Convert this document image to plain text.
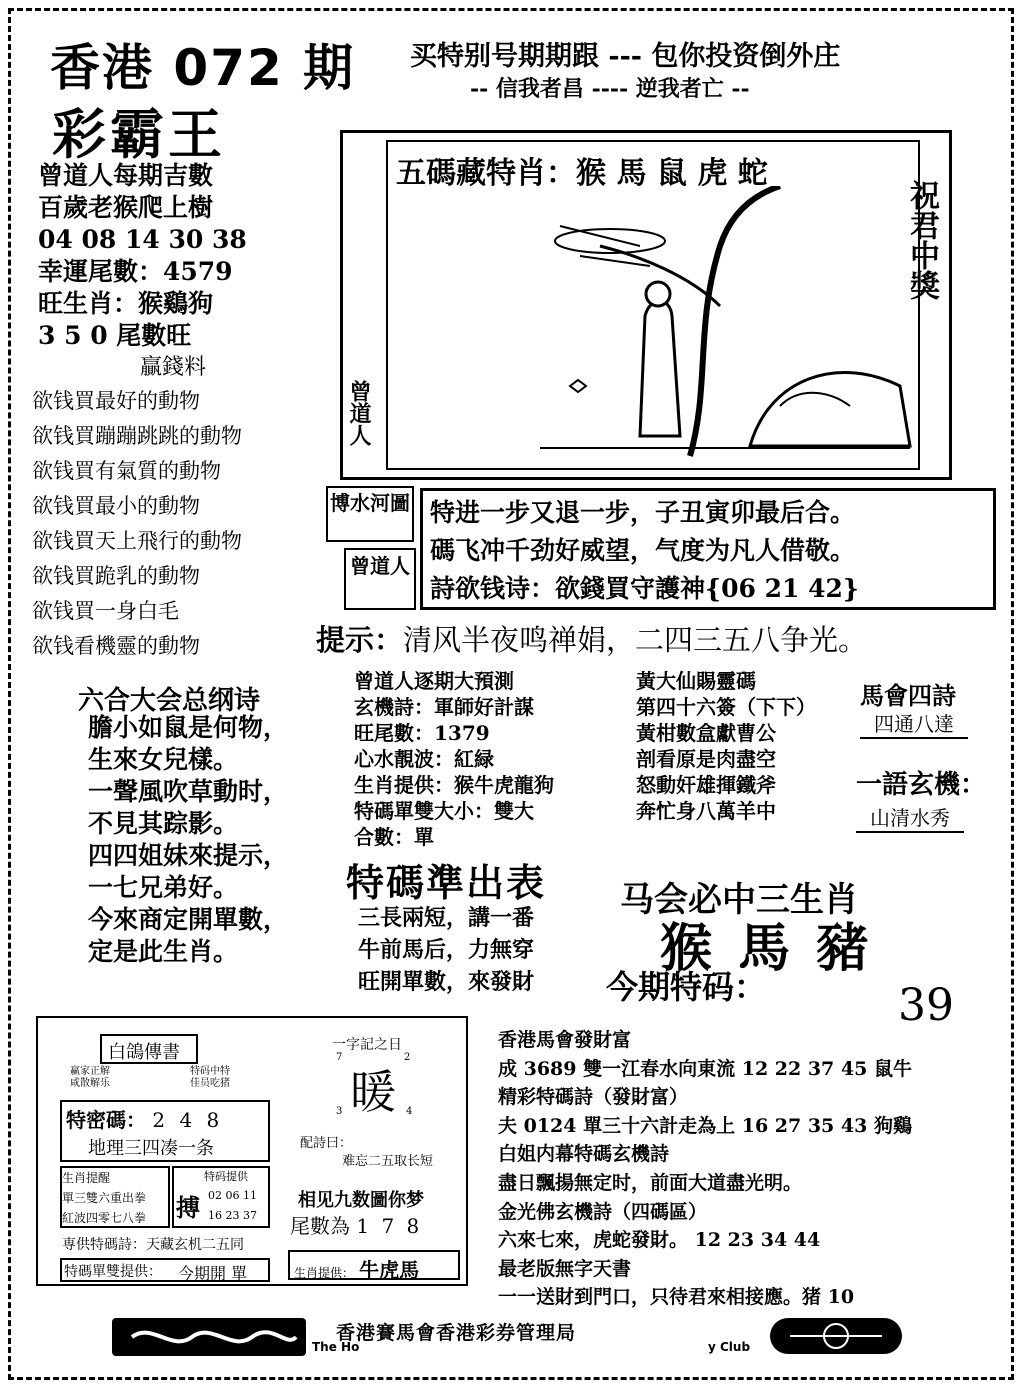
香港 072 期
彩霸王
买特别号期期跟 --- 包你投资倒外庄
-- 信我者昌 ---- 逆我者亡 --
曾道人每期吉數
百歲老猴爬上樹
04 08 14 30 38
幸運尾數：4579
旺生肖：猴鷄狗
3 5 0 尾數旺
贏錢料
欲钱買最好的動物
欲钱買蹦蹦跳跳的動物
欲钱買有氣質的動物
欲钱買最小的動物
欲钱買天上飛行的動物
欲钱買跪乳的動物
欲钱買一身白毛
欲钱看機靈的動物
五碼藏特肖：猴 馬 鼠 虎 蛇
祝君中獎
曾道人
博水河圖
曾道人
特进一步又退一步，子丑寅卯最后合。
碼飞冲千劲好威望，气度为凡人借敬。
詩欲钱诗：欲錢買守護神{06 21 42}
提示：清风半夜鸣禅娟，二四三五八争光。
六合大会总纲诗
膽小如鼠是何物，
生來女兒樣。
一聲風吹草動时，
不見其踪影。
四四姐妹來提示，
一七兄弟好。
今來商定開單數，
定是此生肖。
曾道人逐期大預測
玄機詩：軍師好計謀
旺尾數：1379
心水靚波：紅緑
生肖提供：猴牛虎龍狗
特碼單雙大小：雙大
合數：單
黃大仙賜靈碼
第四十六簽（下下）
黃柑數盒獻曹公
剖看原是肉盡空
怒動奸雄揮鐵斧
奔忙身八萬羊中
馬會四詩
四通八達
一語玄機：
山清水秀
特碼準出表
三長兩短，講一番
牛前馬后，力無穿
旺開單數，來發財
马会必中三生肖
猴 馬 豬
今期特码：	39
白鴿傳書
赢家正解
咸散解乐
特码中特
佳员吃猪
特密碼： 2 4 8
地理三四凑一条
生肖提醒
單三雙六重出拳
紅波四零七八拳
特码提供
搏 02 06 11
16 23 37
専供特碼詩：天藏玄机二五同
特碼單雙提供： 今期開 單
一字記之日
7	2
暖
3	4
配詩曰：
难忘二五取长短
相见九数圖你梦
尾數為 1 7 8
生肖提供： 牛虎馬
香港馬會發財富
成 3689 雙一江春水向東流 12 22 37 45 鼠牛
精彩特碼詩（發財富）
夫 0124 單三十六計走為上 16 27 35 43 狗鷄
白姐内幕特碼玄機詩
盡日飄揚無定时，前面大道盡光明。
金光佛玄機詩（四碼區）
六來七來，虎蛇發財。 12 23 34 44
最老版無字天書
一一送財到門口，只待君來相接應。猪 10
香港賽馬會香港彩券管理局
The Ho	y Club
